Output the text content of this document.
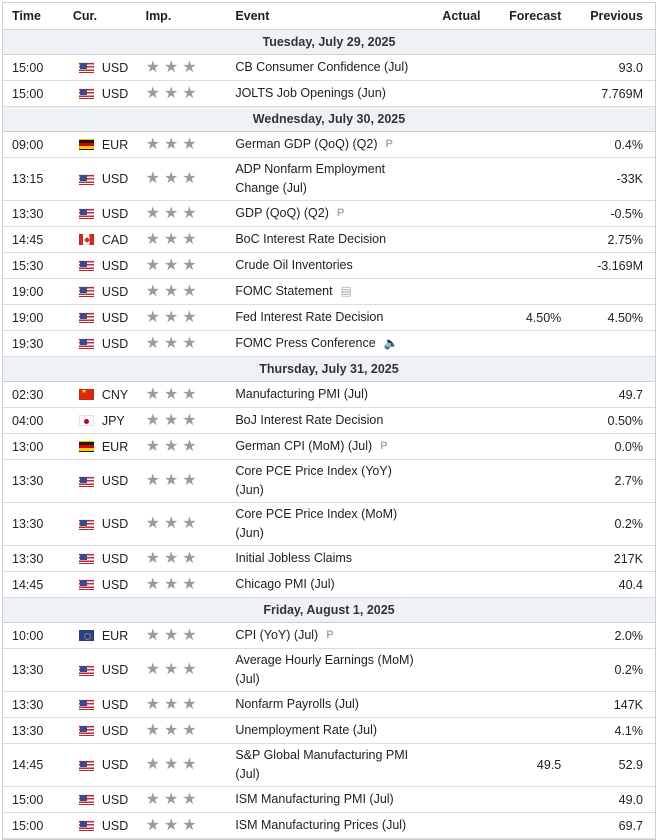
Time	Cur.	Imp.	Event	Actual	Forecast	Previous
Tuesday, July 29, 2025
15:00	USD ★ ★ ★	CB Consumer Confidence (Jul)	93.0
15:00	USD ★ ★ ★	JOLTS Job Openings (Jun)	7.769M
Wednesday, July 30, 2025
09:00	EUR ★ ★ ★	German GDP (QoQ) (Q2) P	0.4%
13:15	USD ★ ★ ★
ADP Nonfarm Employment Change (Jul)
-33K
13:30	USD ★ ★ ★	GDP (QoQ) (Q2) P	-0.5%
14:45	CAD ★ ★ ★	BoC Interest Rate Decision	2.75%
15:30	USD ★ ★ ★	Crude Oil Inventories	-3.169M
19:00	USD ★ ★ ★	FOMC Statement ▤
19:00	USD ★ ★ ★	Fed Interest Rate Decision	4.50%	4.50%
19:30	USD ★ ★ ★	FOMC Press Conference 🔈
Thursday, July 31, 2025
02:30
★	CNY ★ ★ ★	Manufacturing PMI (Jul)	49.7
04:00	JPY ★ ★ ★	BoJ Interest Rate Decision	0.50%
13:00	EUR ★ ★ ★	German CPI (MoM) (Jul) P	0.0%
13:30	USD ★ ★ ★
Core PCE Price Index (YoY) (Jun)
2.7%
13:30	USD ★ ★ ★
Core PCE Price Index (MoM) (Jun)
0.2%
13:30	USD ★ ★ ★	Initial Jobless Claims	217K
14:45	USD ★ ★ ★	Chicago PMI (Jul)	40.4
Friday, August 1, 2025
10:00	EUR ★ ★ ★	CPI (YoY) (Jul) P	2.0%
13:30	USD ★ ★ ★
Average Hourly Earnings (MoM) (Jul)
0.2%
13:30	USD ★ ★ ★	Nonfarm Payrolls (Jul)	147K
13:30	USD ★ ★ ★	Unemployment Rate (Jul)	4.1%
14:45	USD ★ ★ ★
S&P Global Manufacturing PMI (Jul)
49.5	52.9
15:00	USD ★ ★ ★	ISM Manufacturing PMI (Jul)	49.0
15:00	USD ★ ★ ★	ISM Manufacturing Prices (Jul)	69.7
